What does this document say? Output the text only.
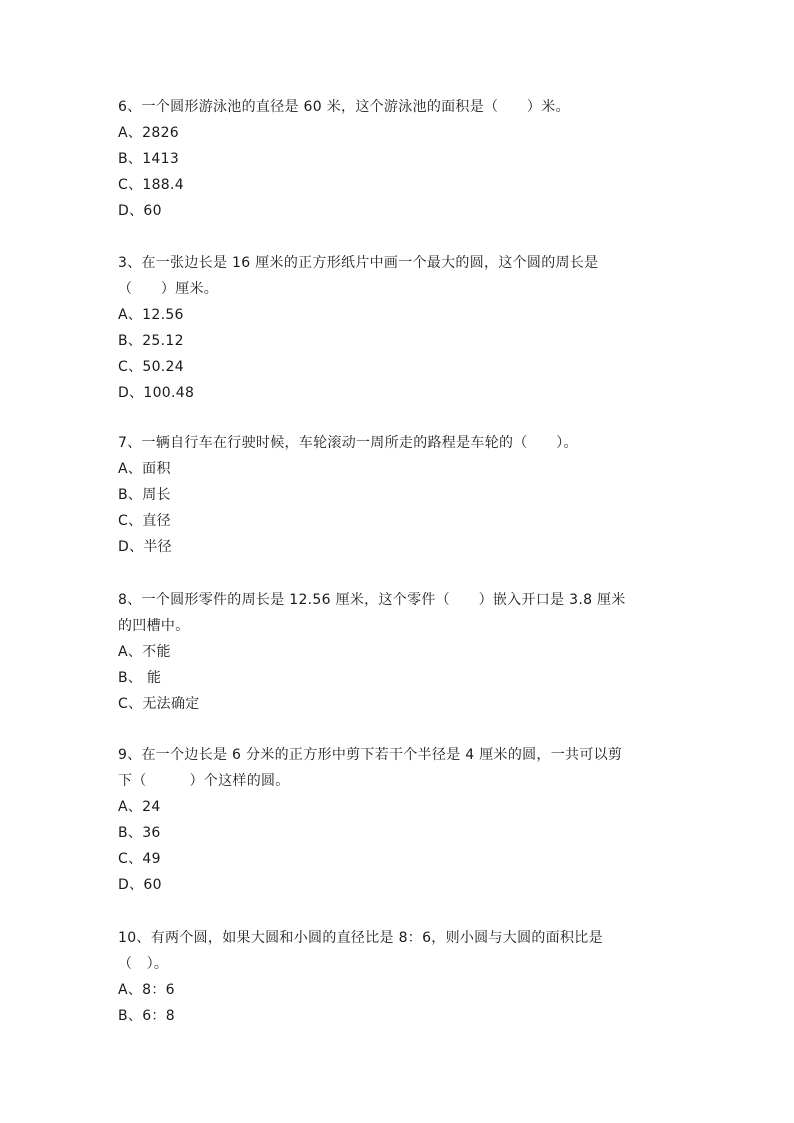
6、一个圆形游泳池的直径是 60 米，这个游泳池的面积是（　　）米。
A、2826
B、1413
C、188.4
D、60
3、在一张边长是 16 厘米的正方形纸片中画一个最大的圆，这个圆的周长是
（　　）厘米。
A、12.56
B、25.12
C、50.24
D、100.48
7、一辆自行车在行驶时候，车轮滚动一周所走的路程是车轮的（　　）。
A、面积
B、周长
C、直径
D、半径
8、一个圆形零件的周长是 12.56 厘米，这个零件（　　）嵌入开口是 3.8 厘米
的凹槽中。
A、不能
B、 能
C、无法确定
9、在一个边长是 6 分米的正方形中剪下若干个半径是 4 厘米的圆，一共可以剪
下（　　　）个这样的圆。
A、24
B、36
C、49
D、60
10、有两个圆，如果大圆和小圆的直径比是 8：6，则小圆与大圆的面积比是
（　）。
A、8：6
B、6：8
